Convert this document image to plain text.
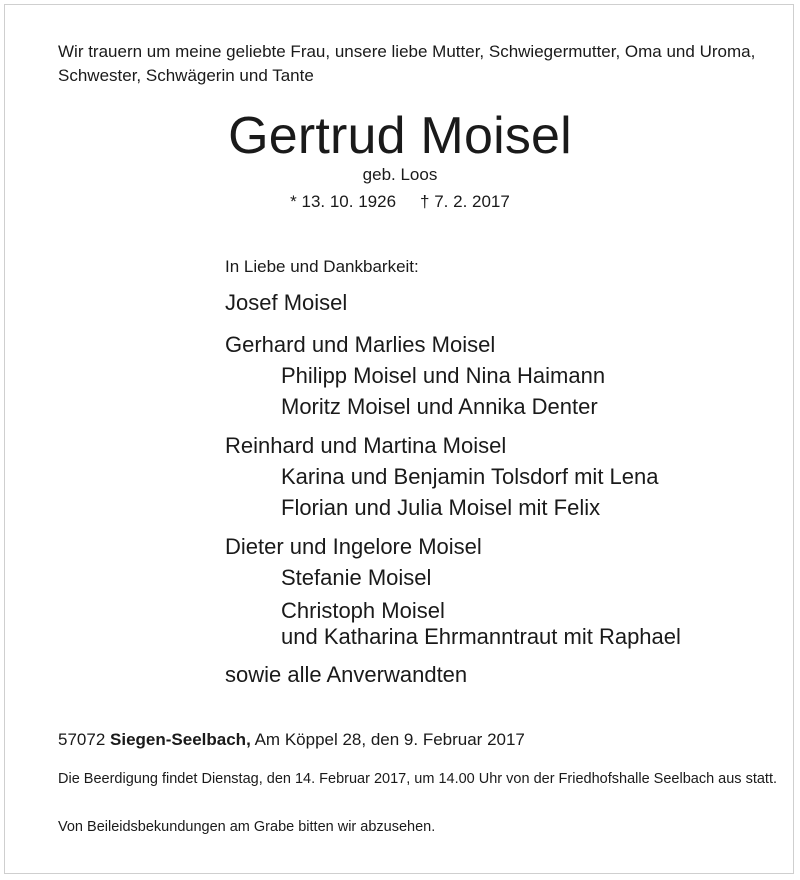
Wir trauern um meine geliebte Frau, unsere liebe Mutter, Schwiegermutter, Oma und Uroma, Schwester, Schwägerin und Tante

Gertrud Moisel

geb. Loos

* 13. 10. 1926 † 7. 2. 2017

In Liebe und Dankbarkeit:

Josef Moisel
Gerhard und Marlies Moisel
Philipp Moisel und Nina Haimann
Moritz Moisel und Annika Denter
Reinhard und Martina Moisel
Karina und Benjamin Tolsdorf mit Lena
Florian und Julia Moisel mit Felix
Dieter und Ingelore Moisel
Stefanie Moisel
Christoph Moisel
und Katharina Ehrmanntraut mit Raphael
sowie alle Anverwandten

57072 Siegen-Seelbach, Am Köppel 28, den 9. Februar 2017

Die Beerdigung findet Dienstag, den 14. Februar 2017, um 14.00 Uhr von der Friedhofshalle Seelbach aus statt.

Von Beileidsbekundungen am Grabe bitten wir abzusehen.
